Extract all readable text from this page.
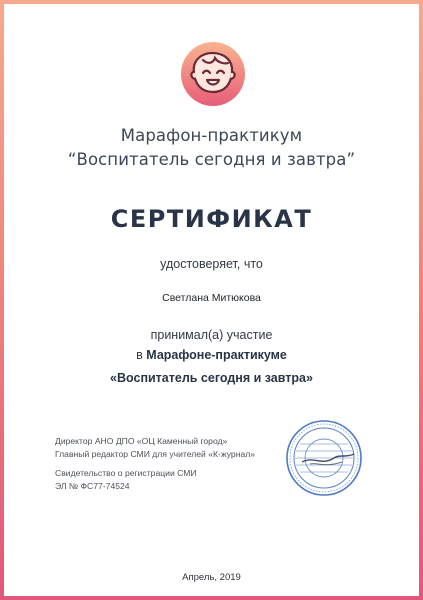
Марафон-практикум
“Воспитатель сегодня и завтра”
СЕРТИФИКАТ
удостоверяет, что
Светлана Митюкова
принимал(а) участие
в Марафоне-практикуме
«Воспитатель сегодня и завтра»
Директор АНО ДПО «ОЦ Каменный город»
Главный редактор СМИ для учителей «К-журнал»
Свидетельство о регистрации СМИ
ЭЛ № ФС77-74524
Апрель, 2019
